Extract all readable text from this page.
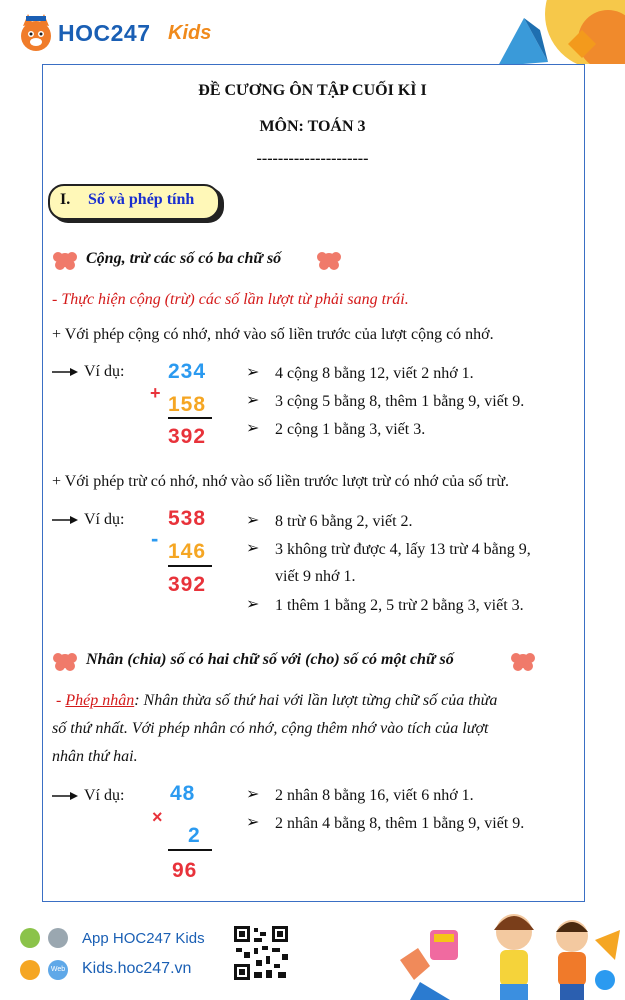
HOC247 Kids
ĐỀ CƯƠNG ÔN TẬP CUỐI KÌ I
MÔN: TOÁN 3
---------------------
I. Số và phép tính
Cộng, trừ các số có ba chữ số
- Thực hiện cộng (trừ) các số lần lượt từ phải sang trái.
+ Với phép cộng có nhớ, nhớ vào số liền trước của lượt cộng có nhớ.
Ví dụ: 234
+ 158
392
➢ 4 cộng 8 bằng 12, viết 2 nhớ 1.
➢ 3 cộng 5 bằng 8, thêm 1 bằng 9, viết 9.
➢ 2 cộng 1 bằng 3, viết 3.
+ Với phép trừ có nhớ, nhớ vào số liền trước lượt trừ có nhớ của số trừ.
Ví dụ: 538
-
146
392
➢ 8 trừ 6 bằng 2, viết 2.
➢ 3 không trừ được 4, lấy 13 trừ 4 bằng 9,
viết 9 nhớ 1.
➢ 1 thêm 1 bằng 2, 5 trừ 2 bằng 3, viết 3.
Nhân (chia) số có hai chữ số với (cho) số có một chữ số
- Phép nhân: Nhân thừa số thứ hai với lần lượt từng chữ số của thừa
số thứ nhất. Với phép nhân có nhớ, cộng thêm nhớ vào tích của lượt
nhân thứ hai.
Ví dụ: 48
×
2
96
➢ 2 nhân 8 bằng 16, viết 6 nhớ 1.
➢ 2 nhân 4 bằng 8, thêm 1 bằng 9, viết 9.
App HOC247 Kids
Web Kids.hoc247.vn
